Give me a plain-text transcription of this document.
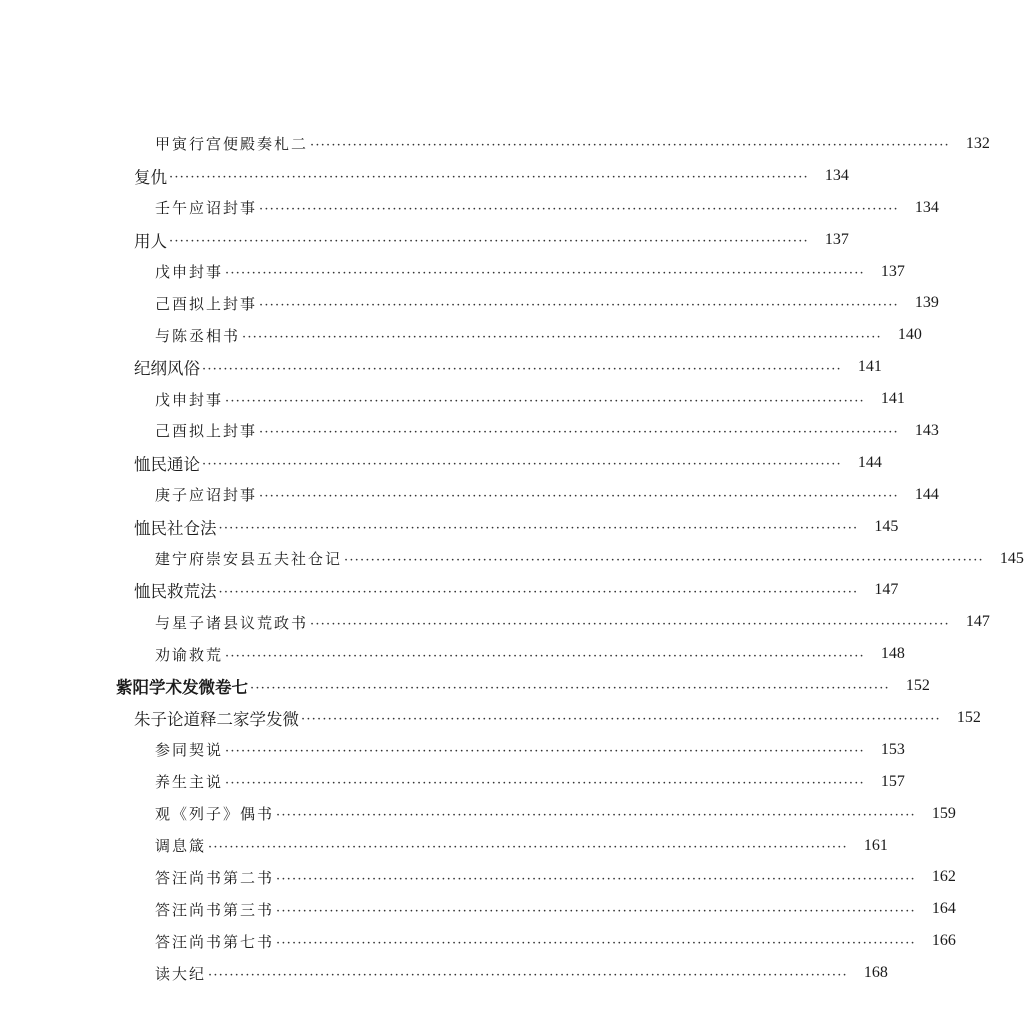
甲寅行宫便殿奏札二 ························································································································	132
复仇 ························································································································	134
壬午应诏封事 ························································································································	134
用人 ························································································································	137
戊申封事 ························································································································	137
己酉拟上封事 ························································································································	139
与陈丞相书 ························································································································	140
纪纲风俗 ························································································································	141
戊申封事 ························································································································	141
己酉拟上封事 ························································································································	143
恤民通论 ························································································································	144
庚子应诏封事 ························································································································	144
恤民社仓法 ························································································································	145
建宁府崇安县五夫社仓记 ························································································································	145
恤民救荒法 ························································································································	147
与星子诸县议荒政书 ························································································································	147
劝谕救荒 ························································································································	148
紫阳学术发微卷七 ························································································································	152
朱子论道释二家学发微 ························································································································	152
参同契说 ························································································································	153
养生主说 ························································································································	157
观《列子》偶书 ························································································································	159
调息箴 ························································································································	161
答汪尚书第二书 ························································································································	162
答汪尚书第三书 ························································································································	164
答汪尚书第七书 ························································································································	166
读大纪 ························································································································	168
